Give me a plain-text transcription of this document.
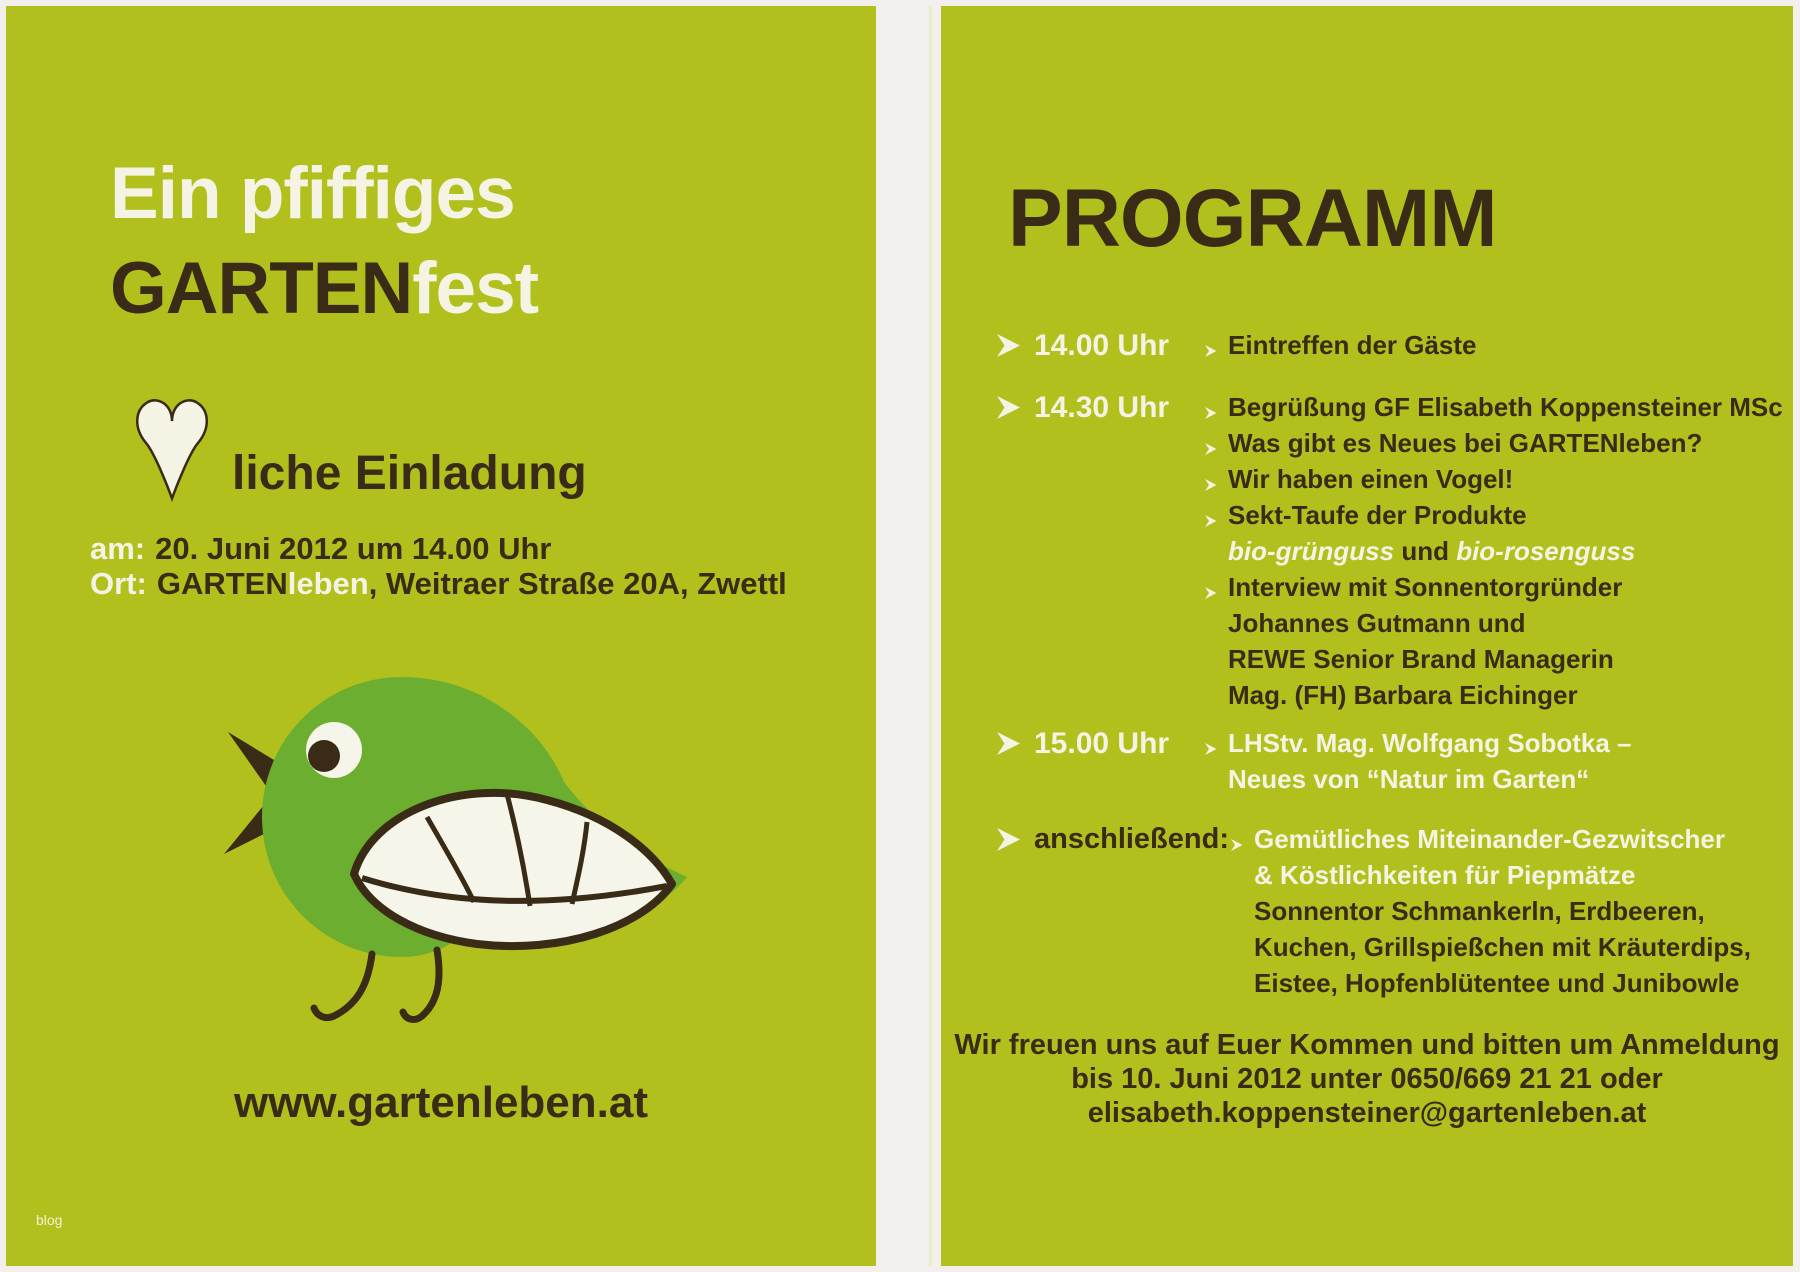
Ein pfiffiges
GARTENfest
liche Einladung
am: 20. Juni 2012 um 14.00 Uhr
Ort: GARTENleben, Weitraer Straße 20A, Zwettl
www.gartenleben.at
blog
PROGRAMM
14.00 Uhr Eintreffen der Gäste
14.30 Uhr Begrüßung GF Elisabeth Koppensteiner MSc
Was gibt es Neues bei GARTENleben?
Wir haben einen Vogel!
Sekt-Taufe der Produkte
bio-grünguss und bio-rosenguss
Interview mit Sonnentorgründer
Johannes Gutmann und
REWE Senior Brand Managerin
Mag. (FH) Barbara Eichinger
15.00 Uhr LHStv. Mag. Wolfgang Sobotka –
Neues von “Natur im Garten“
anschließend: Gemütliches Miteinander-Gezwitscher
& Köstlichkeiten für Piepmätze
Sonnentor Schmankerln, Erdbeeren,
Kuchen, Grillspießchen mit Kräuterdips,
Eistee, Hopfenblütentee und Junibowle
Wir freuen uns auf Euer Kommen und bitten um Anmeldung
bis 10. Juni 2012 unter 0650/669 21 21 oder
elisabeth.koppensteiner@gartenleben.at
